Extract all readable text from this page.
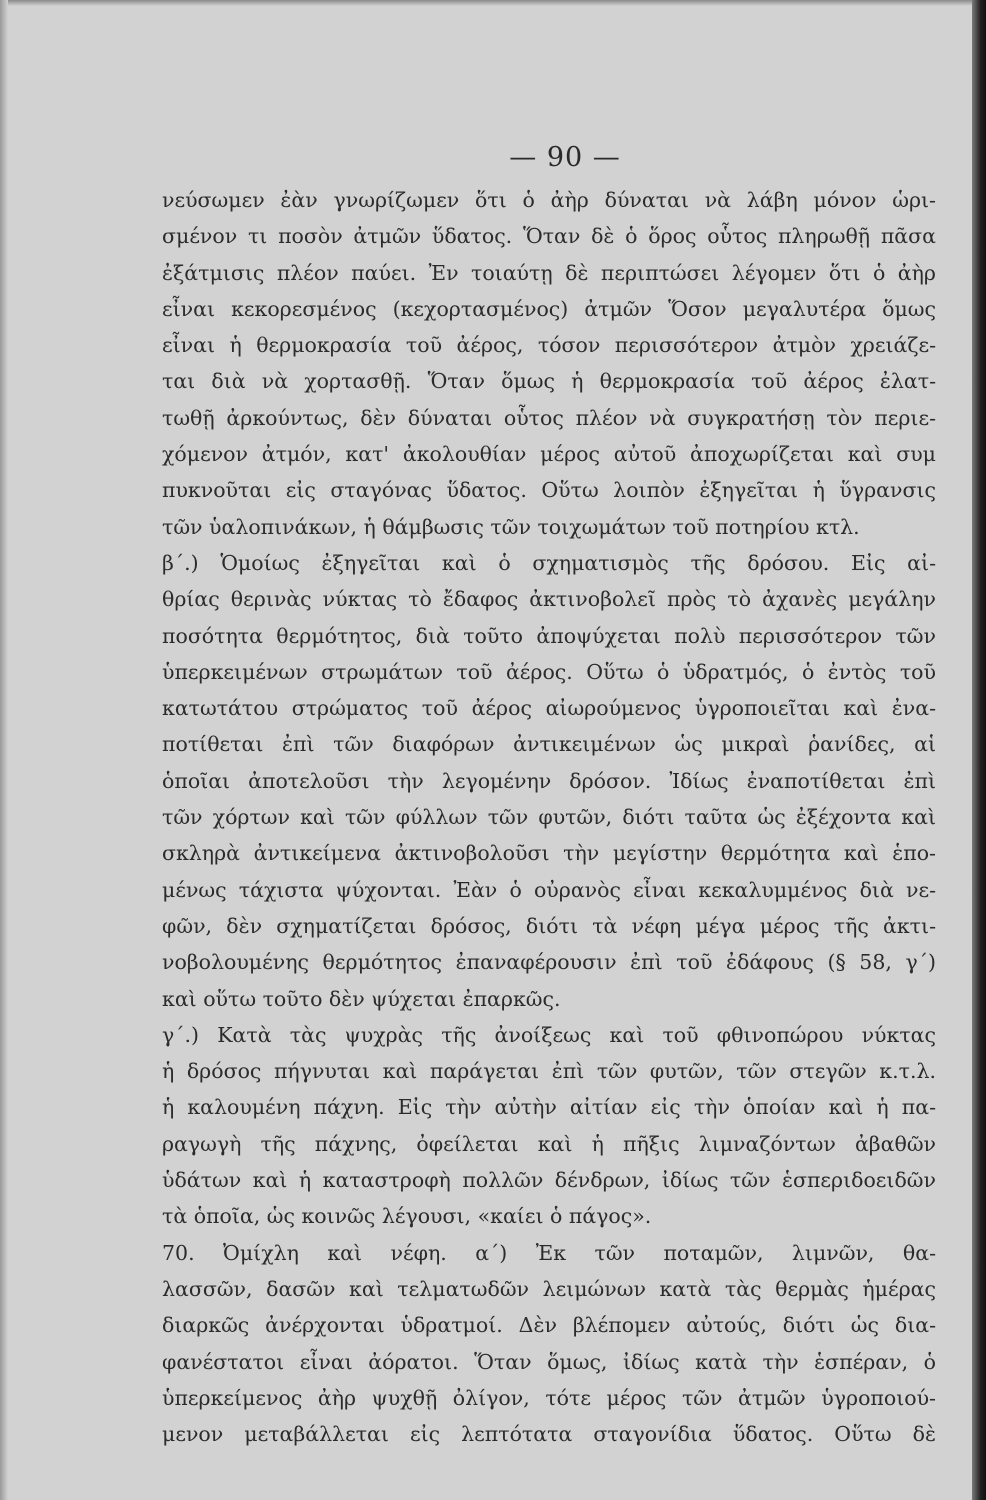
— 90 —
νεύσωμεν ἐὰν γνωρίζωμεν ὅτι ὁ ἀὴρ δύναται νὰ λάβη μόνον ὡρι-
σμένον τι ποσὸν ἀτμῶν ὕδατος. Ὅταν δὲ ὁ ὅρος οὗτος πληρωθῇ πᾶσα
ἐξάτμισις πλέον παύει. Ἐν τοιαύτῃ δὲ περιπτώσει λέγομεν ὅτι ὁ ἀὴρ
εἶναι κεκορεσμένος (κεχορτασμένος) ἀτμῶν Ὅσον μεγαλυτέρα ὅμως
εἶναι ἡ θερμοκρασία τοῦ ἀέρος, τόσον περισσότερον ἀτμὸν χρειάζε-
ται διὰ νὰ χορτασθῇ. Ὅταν ὅμως ἡ θερμοκρασία τοῦ ἀέρος ἐλατ-
τωθῇ ἀρκούντως, δὲν δύναται οὗτος πλέον νὰ συγκρατήσῃ τὸν περιε-
χόμενον ἀτμόν, κατ' ἀκολουθίαν μέρος αὐτοῦ ἀποχωρίζεται καὶ συμ
πυκνοῦται εἰς σταγόνας ὕδατος. Οὕτω λοιπὸν ἐξηγεῖται ἡ ὕγρανσις
τῶν ὑαλοπινάκων, ἡ θάμβωσις τῶν τοιχωμάτων τοῦ ποτηρίου κτλ.
β΄.) Ὁμοίως ἐξηγεῖται καὶ ὁ σχηματισμὸς τῆς δρόσου. Εἰς αἰ-
θρίας θερινὰς νύκτας τὸ ἔδαφος ἀκτινοβολεῖ πρὸς τὸ ἀχανὲς μεγάλην
ποσότητα θερμότητος, διὰ τοῦτο ἀποψύχεται πολὺ περισσότερον τῶν
ὑπερκειμένων στρωμάτων τοῦ ἀέρος. Οὕτω ὁ ὑδρατμός, ὁ ἐντὸς τοῦ
κατωτάτου στρώματος τοῦ ἀέρος αἰωρούμενος ὑγροποιεῖται καὶ ἐνα-
ποτίθεται ἐπὶ τῶν διαφόρων ἀντικειμένων ὡς μικραὶ ῥανίδες, αἱ
ὁποῖαι ἀποτελοῦσι τὴν λεγομένην δρόσον. Ἰδίως ἐναποτίθεται ἐπὶ
τῶν χόρτων καὶ τῶν φύλλων τῶν φυτῶν, διότι ταῦτα ὡς ἐξέχοντα καὶ
σκληρὰ ἀντικείμενα ἀκτινοβολοῦσι τὴν μεγίστην θερμότητα καὶ ἑπο-
μένως τάχιστα ψύχονται. Ἐὰν ὁ οὐρανὸς εἶναι κεκαλυμμένος διὰ νε-
φῶν, δὲν σχηματίζεται δρόσος, διότι τὰ νέφη μέγα μέρος τῆς ἀκτι-
νοβολουμένης θερμότητος ἐπαναφέρουσιν ἐπὶ τοῦ ἐδάφους (§ 58, γ΄)
καὶ οὕτω τοῦτο δὲν ψύχεται ἐπαρκῶς.
γ΄.) Κατὰ τὰς ψυχρὰς τῆς ἀνοίξεως καὶ τοῦ φθινοπώρου νύκτας
ἡ δρόσος πήγνυται καὶ παράγεται ἐπὶ τῶν φυτῶν, τῶν στεγῶν κ.τ.λ.
ἡ καλουμένη πάχνη. Εἰς τὴν αὐτὴν αἰτίαν εἰς τὴν ὁποίαν καὶ ἡ πα-
ραγωγὴ τῆς πάχνης, ὀφείλεται καὶ ἡ πῆξις λιμναζόντων ἀβαθῶν
ὑδάτων καὶ ἡ καταστροφὴ πολλῶν δένδρων, ἰδίως τῶν ἑσπεριδοειδῶν
τὰ ὁποῖα, ὡς κοινῶς λέγουσι, «καίει ὁ πάγος».
70. Ὀμίχλη καὶ νέφη. α΄) Ἐκ τῶν ποταμῶν, λιμνῶν, θα-
λασσῶν, δασῶν καὶ τελματωδῶν λειμώνων κατὰ τὰς θερμὰς ἡμέρας
διαρκῶς ἀνέρχονται ὑδρατμοί. Δὲν βλέπομεν αὐτούς, διότι ὡς δια-
φανέστατοι εἶναι ἀόρατοι. Ὅταν ὅμως, ἰδίως κατὰ τὴν ἑσπέραν, ὁ
ὑπερκείμενος ἀὴρ ψυχθῇ ὀλίγον, τότε μέρος τῶν ἀτμῶν ὑγροποιού-
μενον μεταβάλλεται εἰς λεπτότατα σταγονίδια ὕδατος. Οὕτω δὲ
